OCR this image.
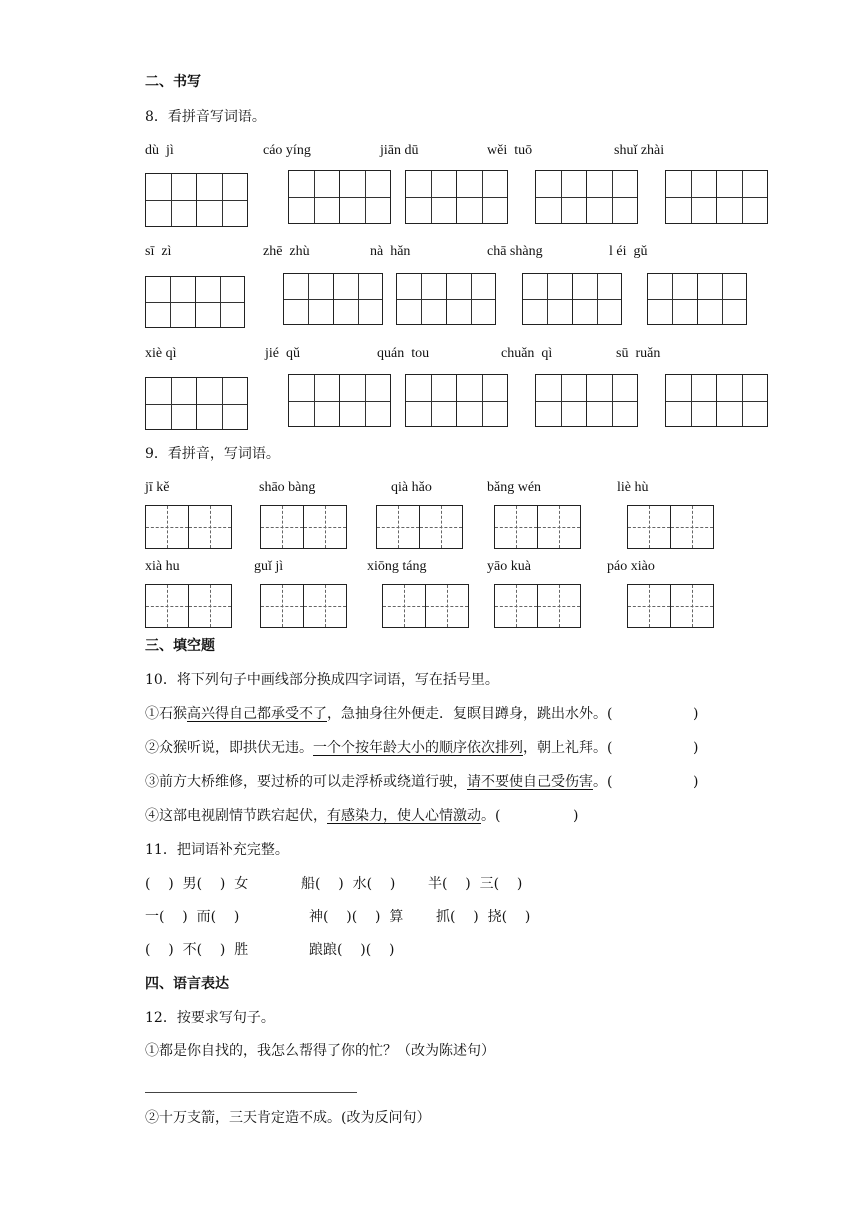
二、书写
8．看拼音写词语。
dù  jì	cáo yíng	jiān dū	wěi  tuō	shuǐ zhài
sī  zì	zhē  zhù	nà  hǎn	chā shàng	l éi  gǔ
xiè qì	jié  qǔ	quán  tou	chuǎn  qì	sū  ruǎn
9．看拼音，写词语。
jī kě	shāo bàng	qià hǎo	bǎng wén	liè hù
xià hu	guǐ jì	xiōng táng	yāo kuà	páo xiào
三、填空题
10．将下列句子中画线部分换成四字词语，写在括号里。
①石猴高兴得自己都承受不了，急抽身往外便走．复瞑目蹲身，跳出水外。(	)
②众猴听说，即拱伏无违。一个个按年龄大小的顺序依次排列，朝上礼拜。(	)
③前方大桥维修，要过桥的可以走浮桥或绕道行驶，请不要使自己受伤害。(	)
④这部电视剧情节跌宕起伏，有感染力，使人心情激动。(	)
11．把词语补充完整。
(    )  男(    )  女	船(    )  水(    ) 半(    )  三(    )
一(    )  而(    )	神(    )(    )  算 抓(    )  挠(    )
(    )  不(    )  胜	踉踉(    )(    )
四、语言表达
12．按要求写句子。
①都是你自找的，我怎么帮得了你的忙？（改为陈述句）
②十万支箭，三天肯定造不成。(改为反问句）
